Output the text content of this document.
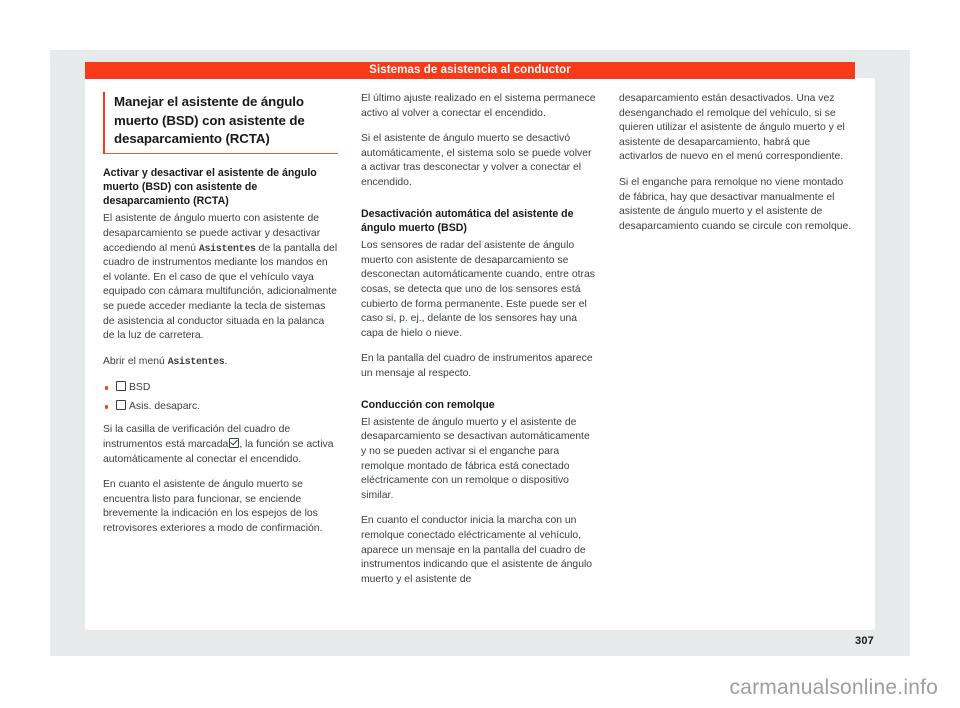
Sistemas de asistencia al conductor
Manejar el asistente de ángulo muerto (BSD) con asistente de desaparcamiento (RCTA)
Activar y desactivar el asistente de ángulo muerto (BSD) con asistente de desaparcamiento (RCTA)

El asistente de ángulo muerto con asistente de desaparcamiento se puede activar y desactivar accediendo al menú Asistentes de la pantalla del cuadro de instrumentos mediante los mandos en el volante. En el caso de que el vehículo vaya equipado con cámara multifunción, adicionalmente se puede acceder mediante la tecla de sistemas de asistencia al conductor situada en la palanca de la luz de carretera.

Abrir el menú Asistentes.

BSD
Asis. desaparc.

Si la casilla de verificación del cuadro de instrumentos está marcada , la función se activa automáticamente al conectar el encendido.

En cuanto el asistente de ángulo muerto se encuentra listo para funcionar, se enciende brevemente la indicación en los espejos de los retrovisores exteriores a modo de confirmación.

El último ajuste realizado en el sistema permanece activo al volver a conectar el encendido.

Si el asistente de ángulo muerto se desactivó automáticamente, el sistema solo se puede volver a activar tras desconectar y volver a conectar el encendido.

Desactivación automática del asistente de ángulo muerto (BSD)

Los sensores de radar del asistente de ángulo muerto con asistente de desaparcamiento se desconectan automáticamente cuando, entre otras cosas, se detecta que uno de los sensores está cubierto de forma permanente. Este puede ser el caso si, p. ej., delante de los sensores hay una capa de hielo o nieve.

En la pantalla del cuadro de instrumentos aparece un mensaje al respecto.

Conducción con remolque

El asistente de ángulo muerto y el asistente de desaparcamiento se desactivan automáticamente y no se pueden activar si el enganche para remolque montado de fábrica está conectado eléctricamente con un remolque o dispositivo similar.

En cuanto el conductor inicia la marcha con un remolque conectado eléctricamente al vehículo, aparece un mensaje en la pantalla del cuadro de instrumentos indicando que el asistente de ángulo muerto y el asistente de

desaparcamiento están desactivados. Una vez desenganchado el remolque del vehículo, si se quieren utilizar el asistente de ángulo muerto y el asistente de desaparcamiento, habrá que activarlos de nuevo en el menú correspondiente.

Si el enganche para remolque no viene montado de fábrica, hay que desactivar manualmente el asistente de ángulo muerto y el asistente de desaparcamiento cuando se circule con remolque.

307
carmanualsonline.info
